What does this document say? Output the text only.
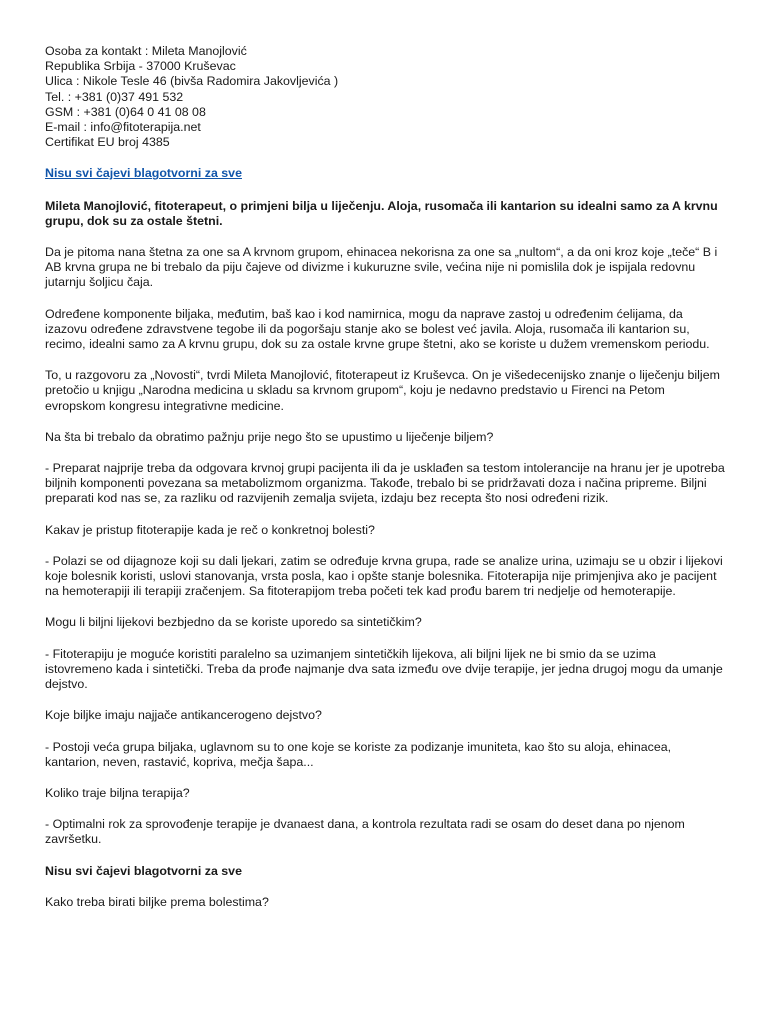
Osoba za kontakt : Mileta Manojlović
Republika Srbija - 37000 Kruševac
Ulica : Nikole Tesle 46 (bivša Radomira Jakovljevića )
Tel. : +381 (0)37 491 532
GSM : +381 (0)64 0 41 08 08
E-mail : info@fitoterapija.net
Certifikat EU broj 4385
Nisu svi čajevi blagotvorni za sve

Mileta Manojlović, fitoterapeut, o primjeni bilja u liječenju. Aloja, rusomača ili kantarion su idealni samo za A krvnu grupu, dok su za ostale štetni.

Da je pitoma nana štetna za one sa A krvnom grupom, ehinacea nekorisna za one sa „nultom“, a da oni kroz koje „teče“ B i AB krvna grupa ne bi trebalo da piju čajeve od divizme i kukuruzne svile, većina nije ni pomislila dok je ispijala redovnu jutarnju šoljicu čaja.

Određene komponente biljaka, međutim, baš kao i kod namirnica, mogu da naprave zastoj u određenim ćelijama, da izazovu određene zdravstvene tegobe ili da pogoršaju stanje ako se bolest već javila. Aloja, rusomača ili kantarion su, recimo, idealni samo za A krvnu grupu, dok su za ostale krvne grupe štetni, ako se koriste u dužem vremenskom periodu.

To, u razgovoru za „Novosti“, tvrdi Mileta Manojlović, fitoterapeut iz Kruševca. On je višedecenijsko znanje o liječenju biljem pretočio u knjigu „Narodna medicina u skladu sa krvnom grupom“, koju je nedavno predstavio u Firenci na Petom evropskom kongresu integrativne medicine.

Na šta bi trebalo da obratimo pažnju prije nego što se upustimo u liječenje biljem?

- Preparat najprije treba da odgovara krvnoj grupi pacijenta ili da je usklađen sa testom intolerancije na hranu jer je upotreba biljnih komponenti povezana sa metabolizmom organizma. Takođe, trebalo bi se pridržavati doza i načina pripreme. Biljni preparati kod nas se, za razliku od razvijenih zemalja svijeta, izdaju bez recepta što nosi određeni rizik.

Kakav je pristup fitoterapije kada je reč o konkretnoj bolesti?

- Polazi se od dijagnoze koji su dali ljekari, zatim se određuje krvna grupa, rade se analize urina, uzimaju se u obzir i lijekovi koje bolesnik koristi, uslovi stanovanja, vrsta posla, kao i opšte stanje bolesnika. Fitoterapija nije primjenjiva ako je pacijent na hemoterapiji ili terapiji zračenjem. Sa fitoterapijom treba početi tek kad prođu barem tri nedjelje od hemoterapije.

Mogu li biljni lijekovi bezbjedno da se koriste uporedo sa sintetičkim?

- Fitoterapiju je moguće koristiti paralelno sa uzimanjem sintetičkih lijekova, ali biljni lijek ne bi smio da se uzima istovremeno kada i sintetički. Treba da prođe najmanje dva sata između ove dvije terapije, jer jedna drugoj mogu da umanje dejstvo.

Koje biljke imaju najjače antikancerogeno dejstvo?

- Postoji veća grupa biljaka, uglavnom su to one koje se koriste za podizanje imuniteta, kao što su aloja, ehinacea, kantarion, neven, rastavić, kopriva, mečja šapa...

Koliko traje biljna terapija?

- Optimalni rok za sprovođenje terapije je dvanaest dana, a kontrola rezultata radi se osam do deset dana po njenom završetku.

Nisu svi čajevi blagotvorni za sve

Kako treba birati biljke prema bolestima?
